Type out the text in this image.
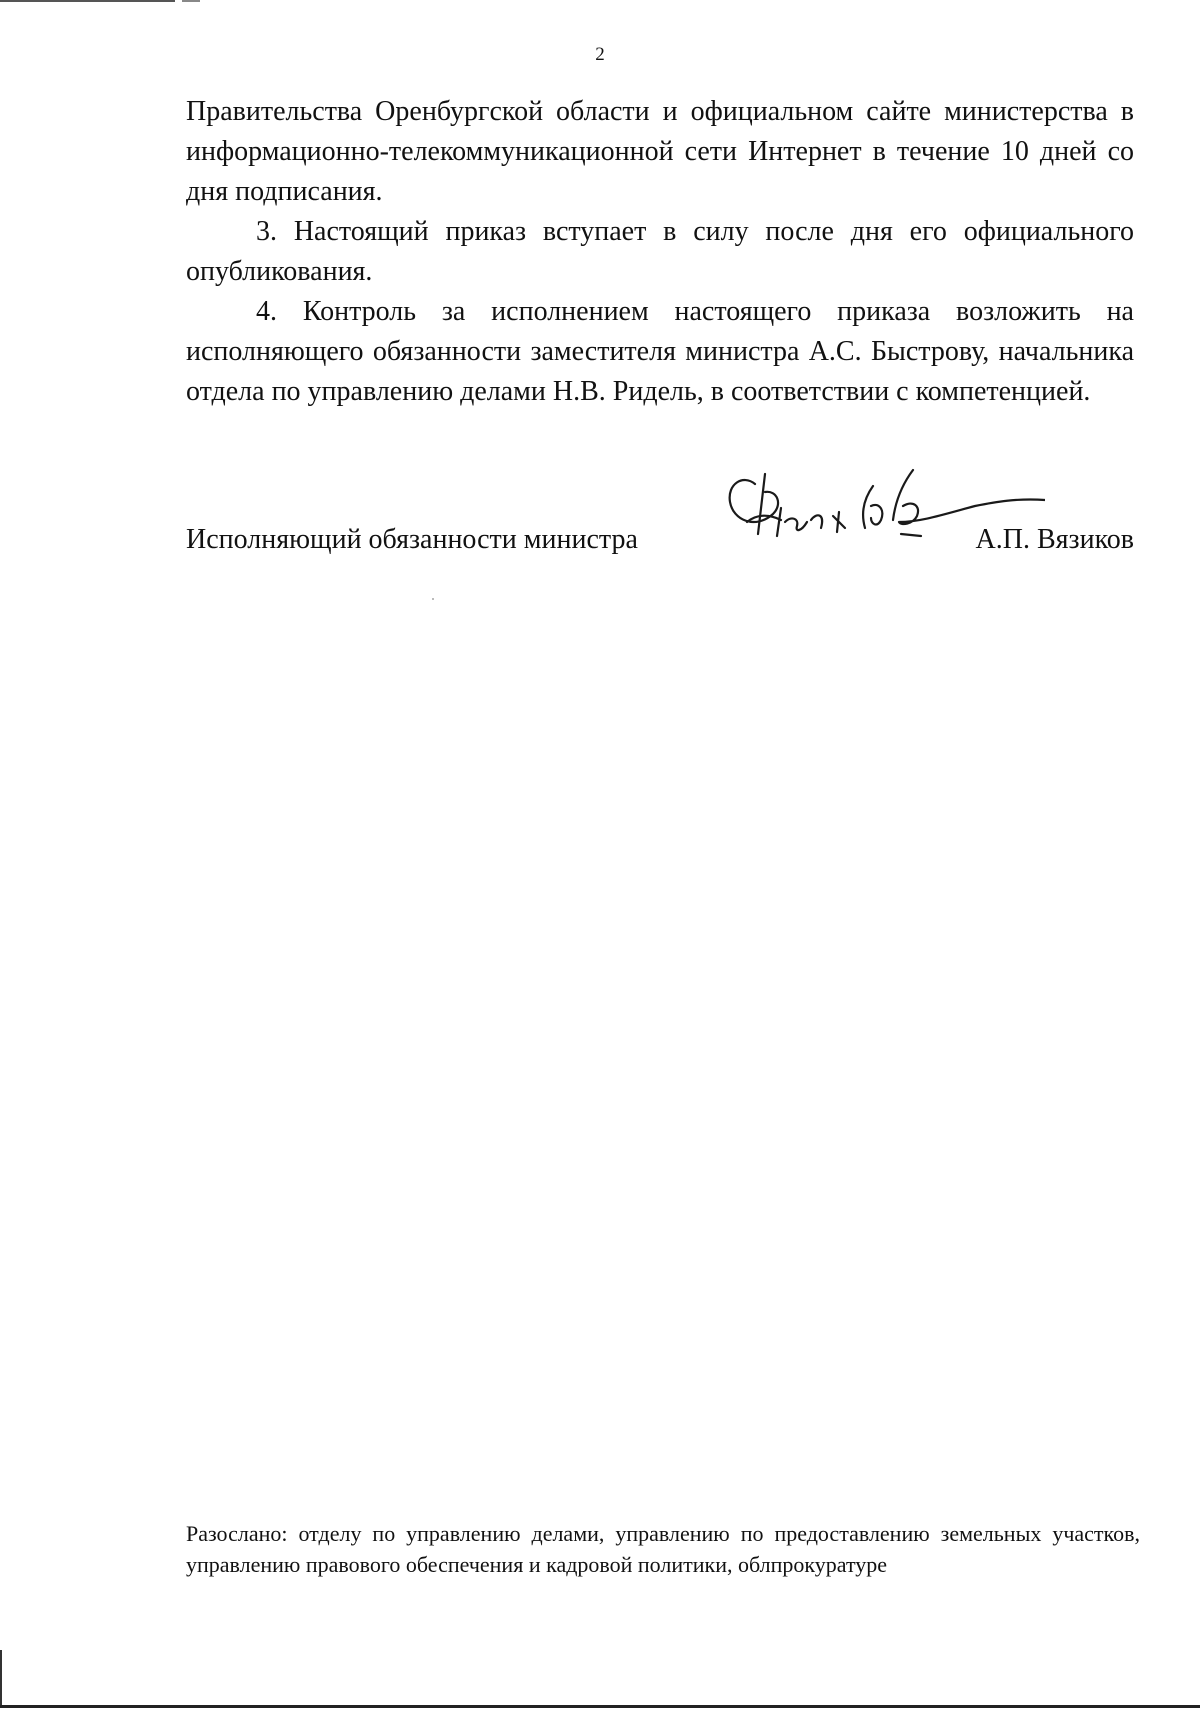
2

Правительства Оренбургской области и официальном сайте министерства в информационно-телекоммуникационной сети Интернет в течение 10 дней со дня подписания.

3. Настоящий приказ вступает в силу после дня его официального опубликования.

4. Контроль за исполнением настоящего приказа возложить на исполняющего обязанности заместителя министра А.С. Быстрову, начальника отдела по управлению делами Н.В. Ридель, в соответствии с компетенцией.

Исполняющий обязанности министра	А.П. Вязиков

Разослано: отделу по управлению делами, управлению по предоставлению земельных участков, управлению правового обеспечения и кадровой политики, облпрокуратуре
